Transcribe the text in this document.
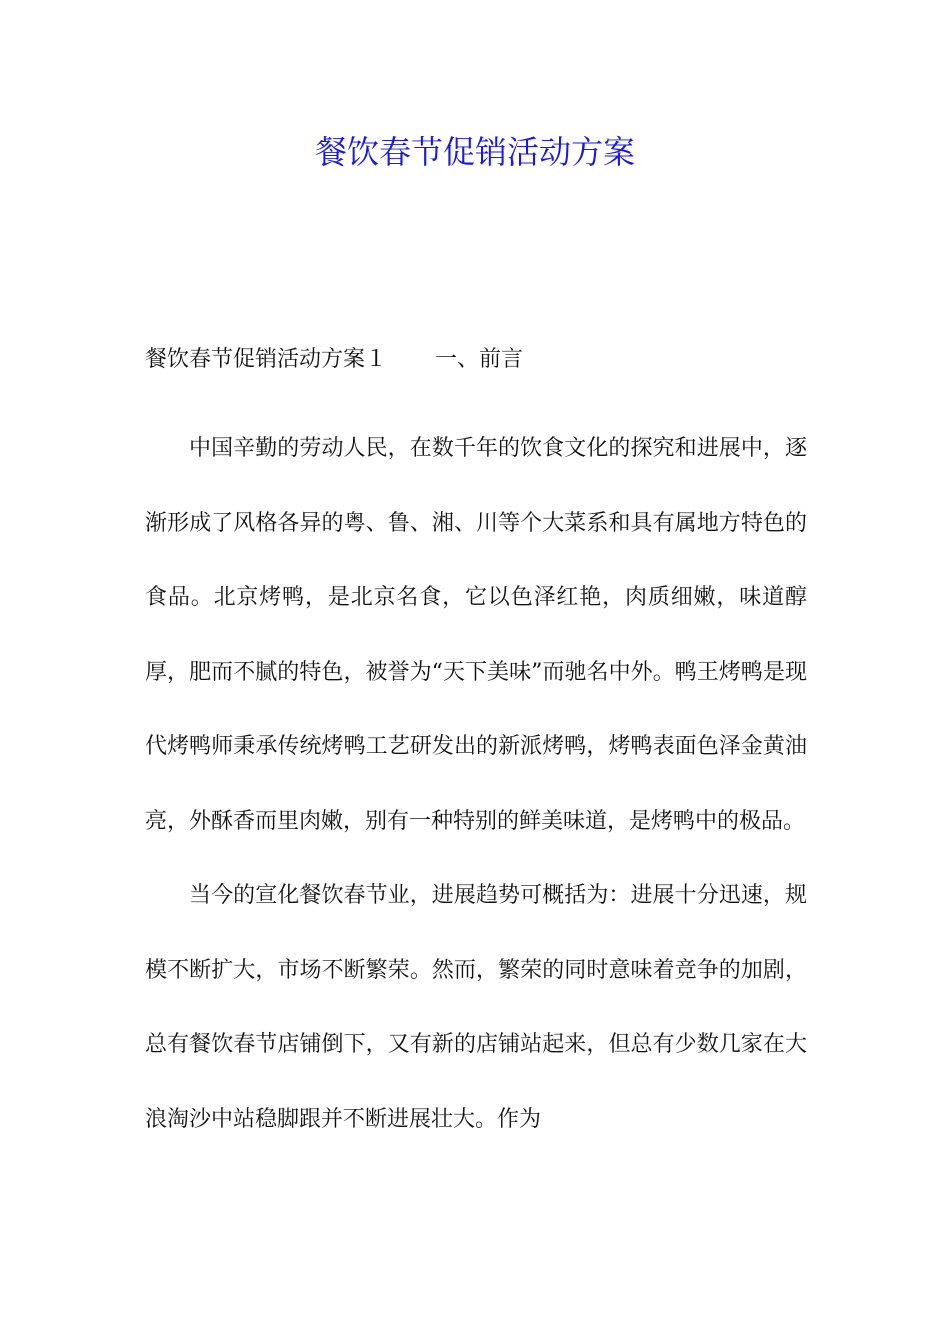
餐饮春节促销活动方案

餐饮春节促销活动方案１ 一、前言

中国辛勤的劳动人民，在数千年的饮食文化的探究和进展中，逐渐形成了风格各异的粤、鲁、湘、川等个大菜系和具有属地方特色的食品。北京烤鸭，是北京名食，它以色泽红艳，肉质细嫩，味道醇厚，肥而不腻的特色，被誉为“天下美味”而驰名中外。鸭王烤鸭是现代烤鸭师秉承传统烤鸭工艺研发出的新派烤鸭，烤鸭表面色泽金黄油亮，外酥香而里肉嫩，别有一种特别的鲜美味道，是烤鸭中的极品。

当今的宣化餐饮春节业，进展趋势可概括为：进展十分迅速，规模不断扩大，市场不断繁荣。然而，繁荣的同时意味着竞争的加剧，总有餐饮春节店铺倒下，又有新的店铺站起来，但总有少数几家在大浪淘沙中站稳脚跟并不断进展壮大。作为
